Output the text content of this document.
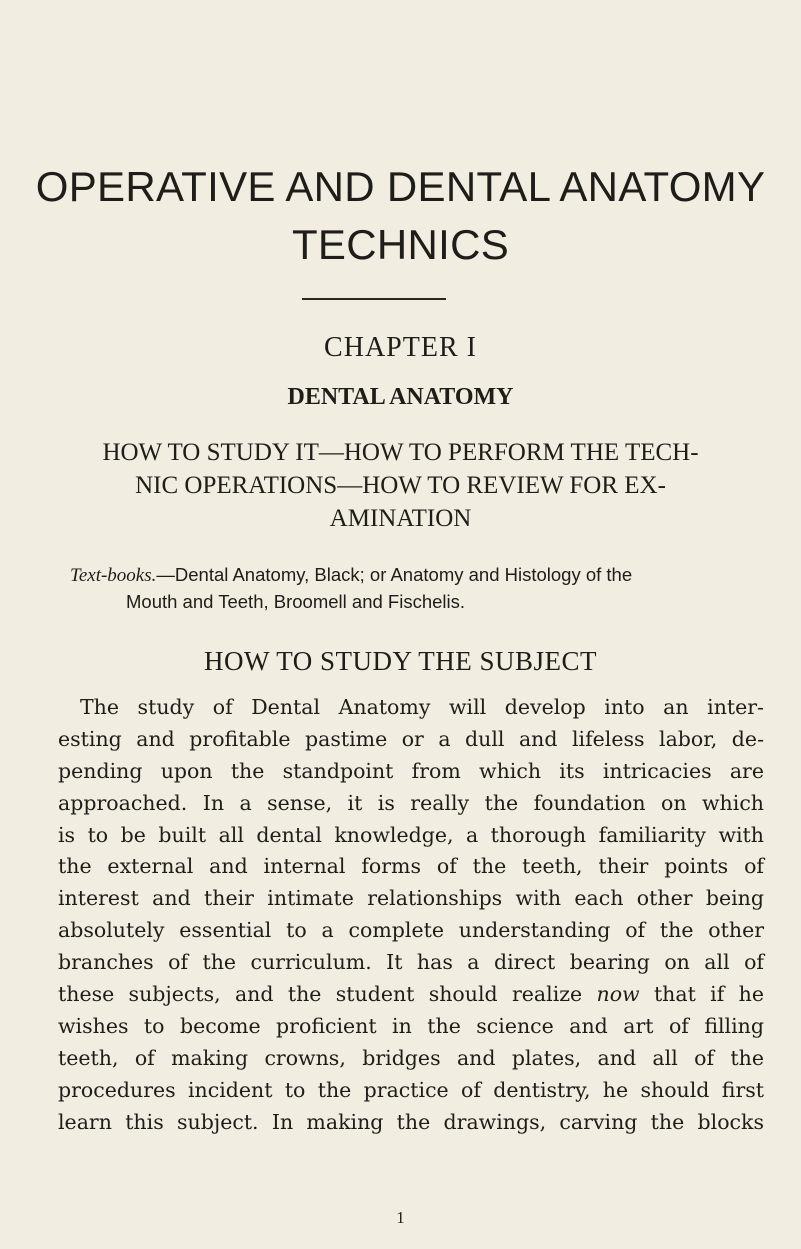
OPERATIVE AND DENTAL ANATOMY
TECHNICS
CHAPTER I
DENTAL ANATOMY
HOW TO STUDY IT—HOW TO PERFORM THE TECH-
NIC OPERATIONS—HOW TO REVIEW FOR EX-
AMINATION

Text-books.—Dental Anatomy, Black; or Anatomy and Histology of the
Mouth and Teeth, Broomell and Fischelis.

HOW TO STUDY THE SUBJECT

The study of Dental Anatomy will develop into an inter-
esting and profitable pastime or a dull and lifeless labor, de-
pending upon the standpoint from which its intricacies are
approached. In a sense, it is really the foundation on which
is to be built all dental knowledge, a thorough familiarity with
the external and internal forms of the teeth, their points of
interest and their intimate relationships with each other being
absolutely essential to a complete understanding of the other
branches of the curriculum. It has a direct bearing on all of
these subjects, and the student should realize now that if he
wishes to become proficient in the science and art of filling
teeth, of making crowns, bridges and plates, and all of the
procedures incident to the practice of dentistry, he should first
learn this subject. In making the drawings, carving the blocks

1
